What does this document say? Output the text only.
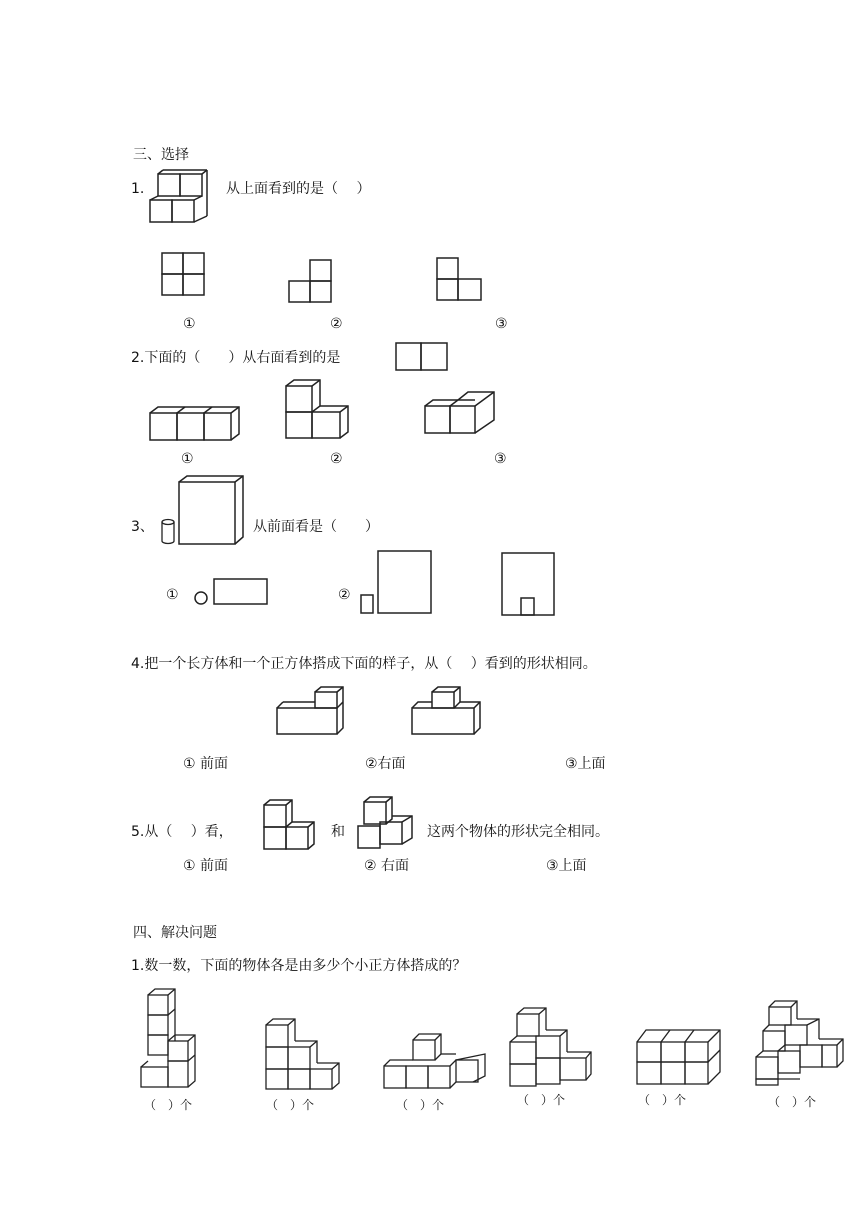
三、选择
1.	从上面看到的是（　 ）
①	②	③
2.下面的（　　）从右面看到的是
①	②	③
3、	从前面看是（　　）
①	②
4.把一个长方体和一个正方体搭成下面的样子，从（　 ）看到的形状相同。
① 前面	②右面	③上面
5.从（　 ）看，	和	这两个物体的形状完全相同。
① 前面	② 右面	③上面
四、解决问题
1.数一数，下面的物体各是由多少个小正方体搭成的？
（　）个	（　）个	（　）个	（　）个	（　）个	（　）个
